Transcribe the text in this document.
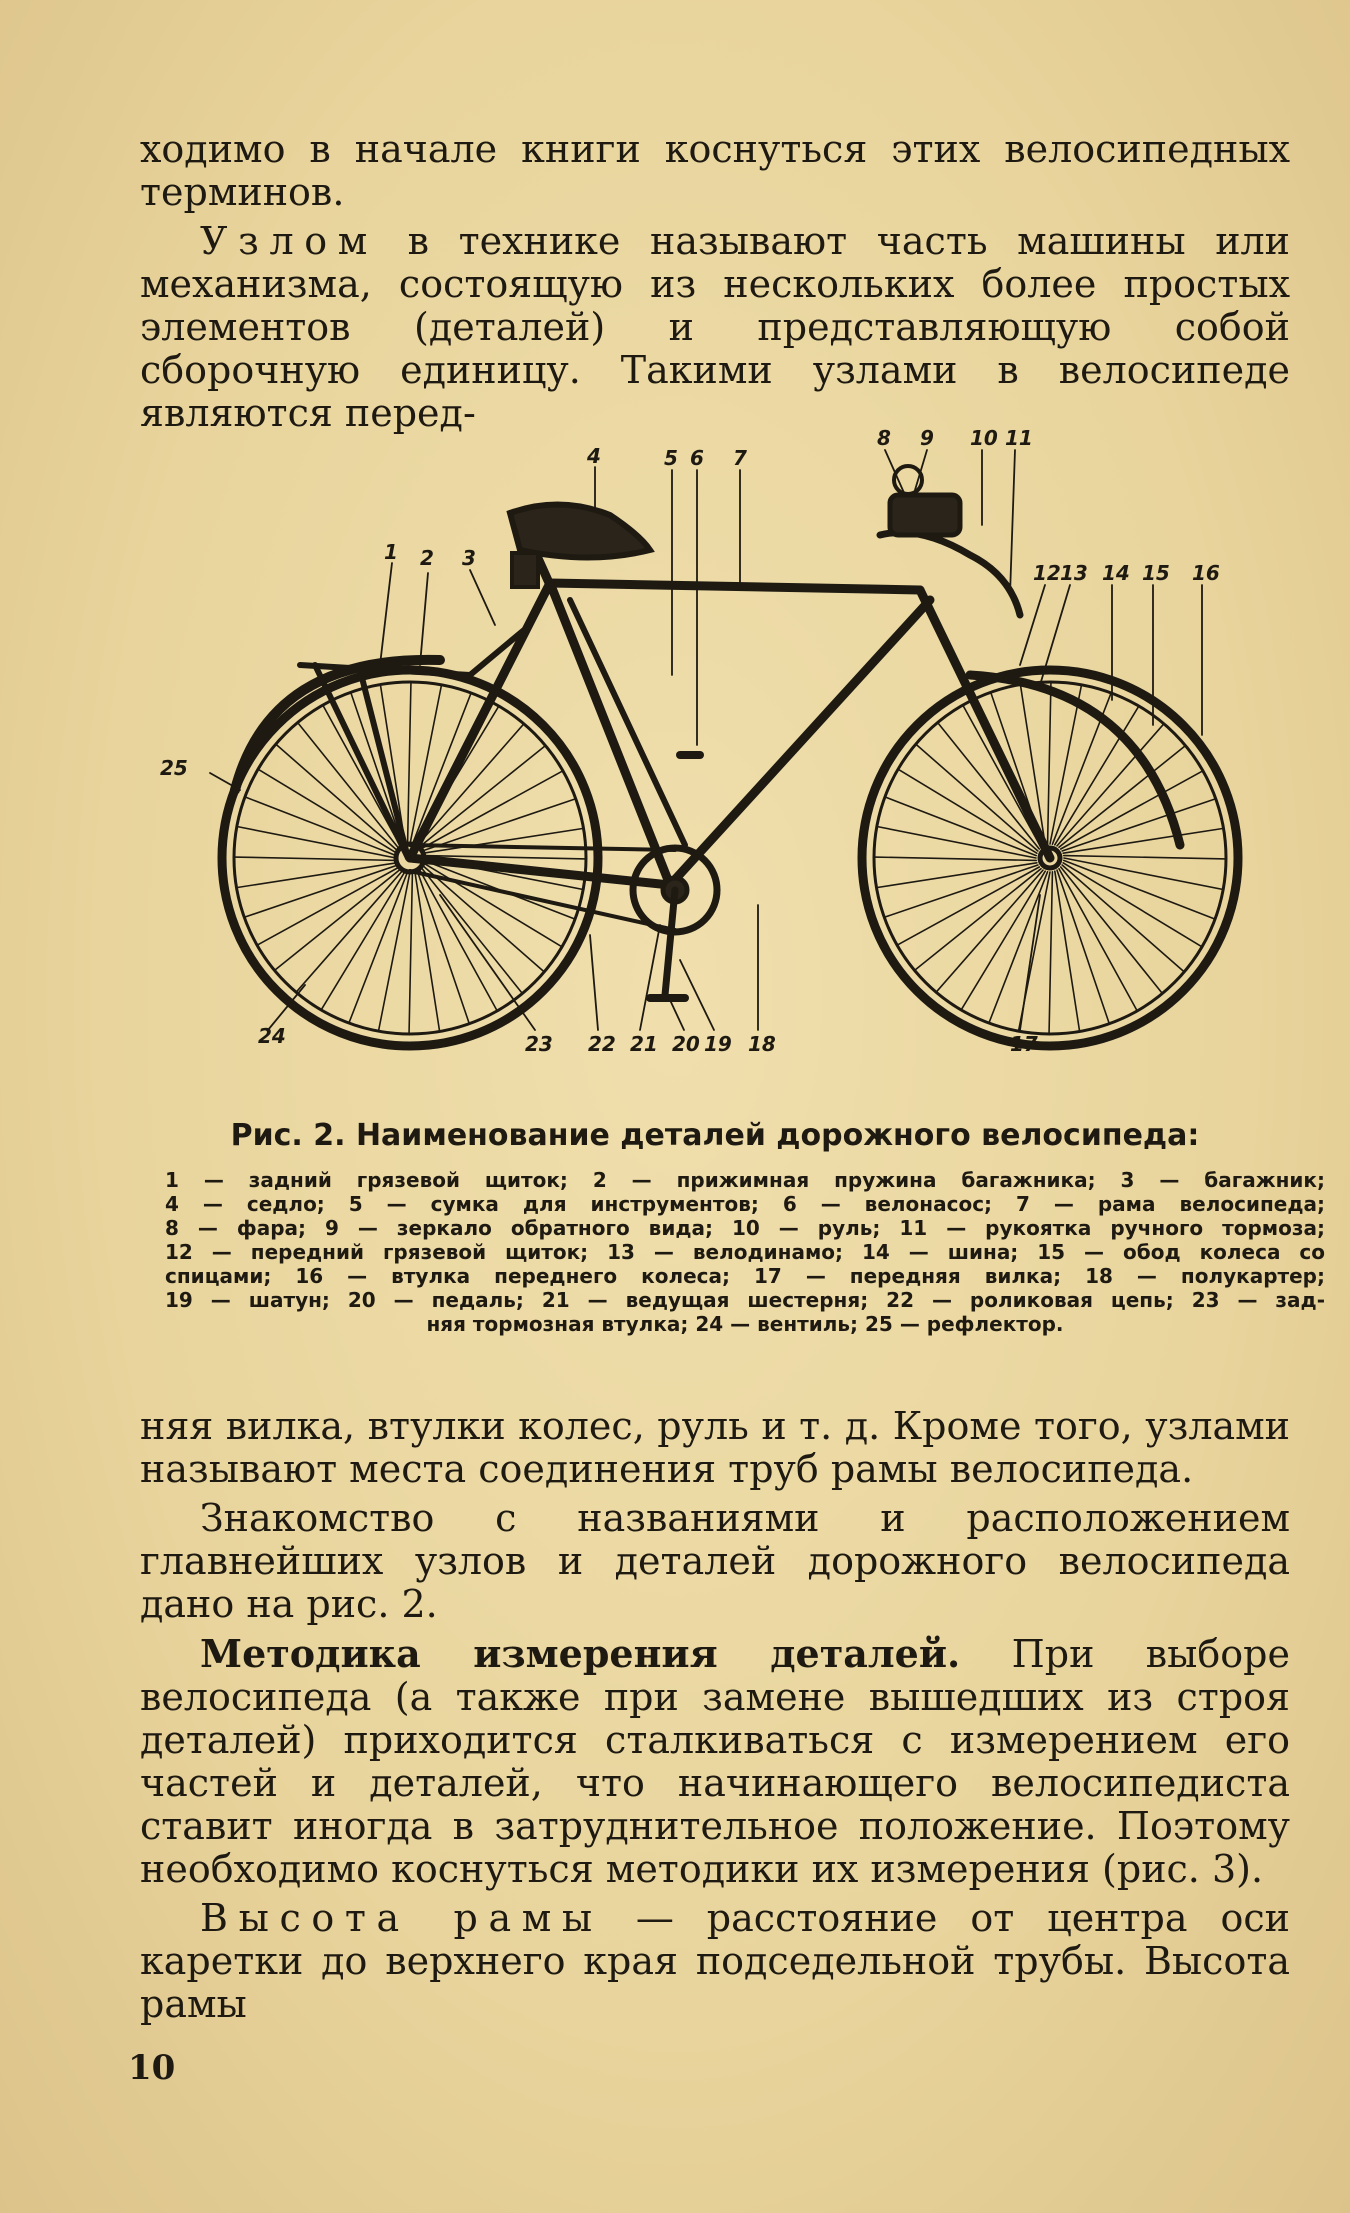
ходимо в начале книги коснуться этих велосипедных терминов.

Узлом в технике называют часть машины или механизма, состоящую из нескольких более простых элементов (деталей) и представляющую собой сборочную единицу. Такими узлами в велосипеде являются перед-

1 2 3
4	5 6 7
8 9 10 11
12 13 14 15 16
17
18
19
20
21
22
23
24
25
Рис. 2. Наименование деталей дорожного велосипеда:
1 — задний грязевой щиток; 2 — прижимная пружина багажника; 3 — багажник;
4 — седло; 5 — сумка для инструментов; 6 — велонасос; 7 — рама велосипеда;
8 — фара; 9 — зеркало обратного вида; 10 — руль; 11 — рукоятка ручного тормоза;
12 — передний грязевой щиток; 13 — велодинамо; 14 — шина; 15 — обод колеса со
спицами; 16 — втулка переднего колеса; 17 — передняя вилка; 18 — полукартер;
19 — шатун; 20 — педаль; 21 — ведущая шестерня; 22 — роликовая цепь; 23 — зад-
няя тормозная втулка; 24 — вентиль; 25 — рефлектор.

няя вилка, втулки колес, руль и т. д. Кроме того, узлами называют места соединения труб рамы велосипеда.

Знакомство с названиями и расположением главнейших узлов и деталей дорожного велосипеда дано на рис. 2.

Методика измерения деталей. При выборе велосипеда (а также при замене вышедших из строя деталей) приходится сталкиваться с измерением его частей и деталей, что начинающего велосипедиста ставит иногда в затруднительное положение. Поэтому необходимо коснуться методики их измерения (рис. 3).

Высота рамы — расстояние от центра оси каретки до верхнего края подседельной трубы. Высота рамы

10
